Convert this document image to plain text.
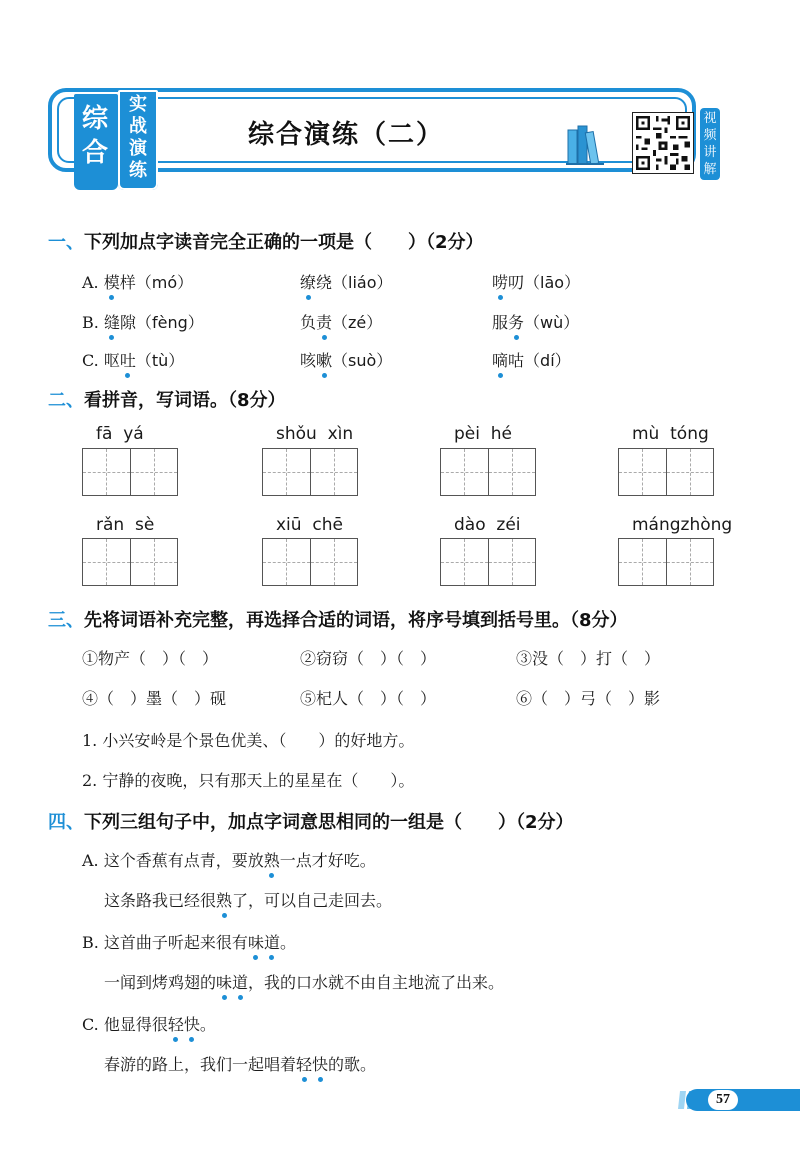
综合
实战演练
综合演练（二）
视频讲解
一、下列加点字读音完全正确的一项是（　　）（2分）
A. 模样（mó）	缭绕（liáo）	唠叨（lāo）
B. 缝隙（fèng）	负责（zé）	服务（wù）
C. 呕吐（tù）	咳嗽（suò）	嘀咕（dí）
二、看拼音，写词语。（8分）
fā  yá	shǒu  xìn	pèi  hé	mù  tóng
rǎn  sè	xiū  chē	dào  zéi	mángzhòng
三、先将词语补充完整，再选择合适的词语，将序号填到括号里。（8分）
①物产（　）（　）	②窃窃（　）（　）	③没（　）打（　）
④（　）墨（　）砚	⑤杞人（　）（　）	⑥（　）弓（　）影
1. 小兴安岭是个景色优美、（　　）的好地方。
2. 宁静的夜晚，只有那天上的星星在（　　）。
四、下列三组句子中，加点字词意思相同的一组是（　　）（2分）
A. 这个香蕉有点青，要放熟一点才好吃。
这条路我已经很熟了，可以自己走回去。
B. 这首曲子听起来很有味道。
一闻到烤鸡翅的味道，我的口水就不由自主地流了出来。
C. 他显得很轻快。
春游的路上，我们一起唱着轻快的歌。
57
